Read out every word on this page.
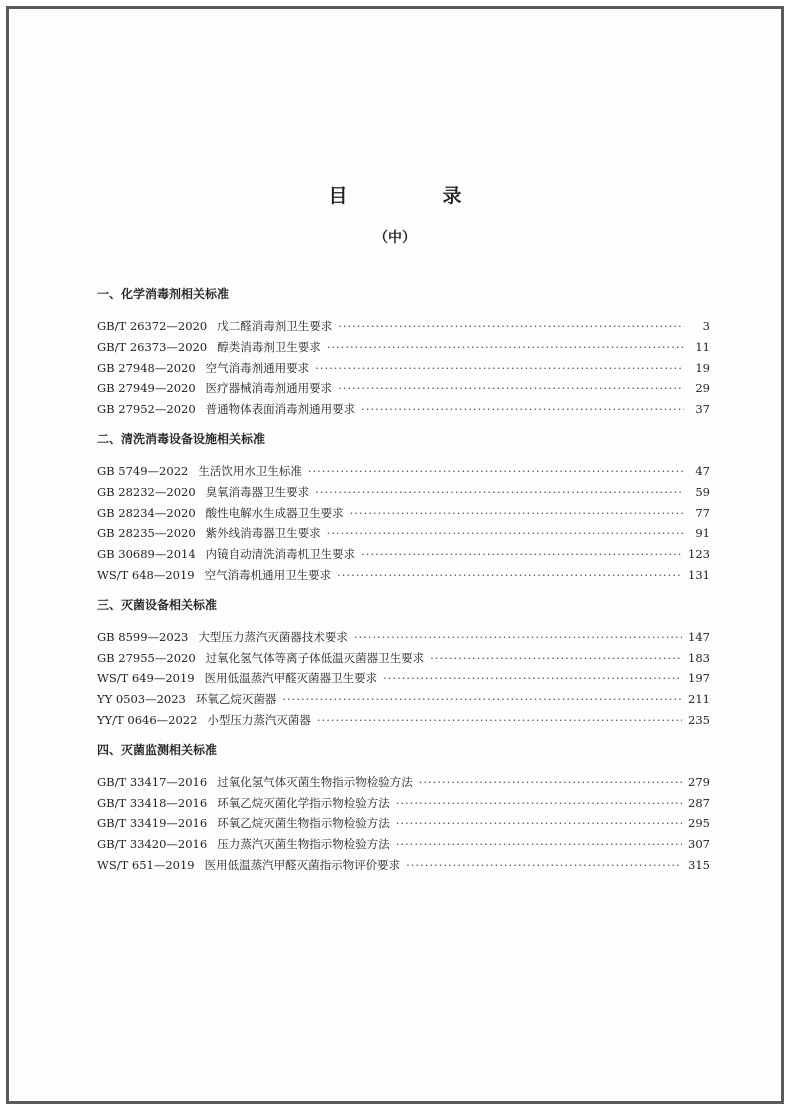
目　录
（中）
一、化学消毒剂相关标准
GB/T 26372—2020 戊二醛消毒剂卫生要求 ·····	3
GB/T 26373—2020 醇类消毒剂卫生要求 ·····	11
GB 27948—2020 空气消毒剂通用要求 ·····	19
GB 27949—2020 医疗器械消毒剂通用要求 ·····	29
GB 27952—2020 普通物体表面消毒剂通用要求 ·····	37
二、清洗消毒设备设施相关标准
GB 5749—2022 生活饮用水卫生标准 ·····	47
GB 28232—2020 臭氧消毒器卫生要求 ·····	59
GB 28234—2020 酸性电解水生成器卫生要求 ·····	77
GB 28235—2020 紫外线消毒器卫生要求 ·····	91
GB 30689—2014 内镜自动清洗消毒机卫生要求 ·····	123
WS/T 648—2019 空气消毒机通用卫生要求 ·····	131
三、灭菌设备相关标准
GB 8599—2023 大型压力蒸汽灭菌器技术要求 ·····	147
GB 27955—2020 过氧化氢气体等离子体低温灭菌器卫生要求 ·····	183
WS/T 649—2019 医用低温蒸汽甲醛灭菌器卫生要求 ·····	197
YY 0503—2023 环氧乙烷灭菌器 ·····	211
YY/T 0646—2022 小型压力蒸汽灭菌器 ·····	235
四、灭菌监测相关标准
GB/T 33417—2016 过氧化氢气体灭菌生物指示物检验方法 ·····	279
GB/T 33418—2016 环氧乙烷灭菌化学指示物检验方法 ·····	287
GB/T 33419—2016 环氧乙烷灭菌生物指示物检验方法 ·····	295
GB/T 33420—2016 压力蒸汽灭菌生物指示物检验方法 ·····	307
WS/T 651—2019 医用低温蒸汽甲醛灭菌指示物评价要求 ·····	315
